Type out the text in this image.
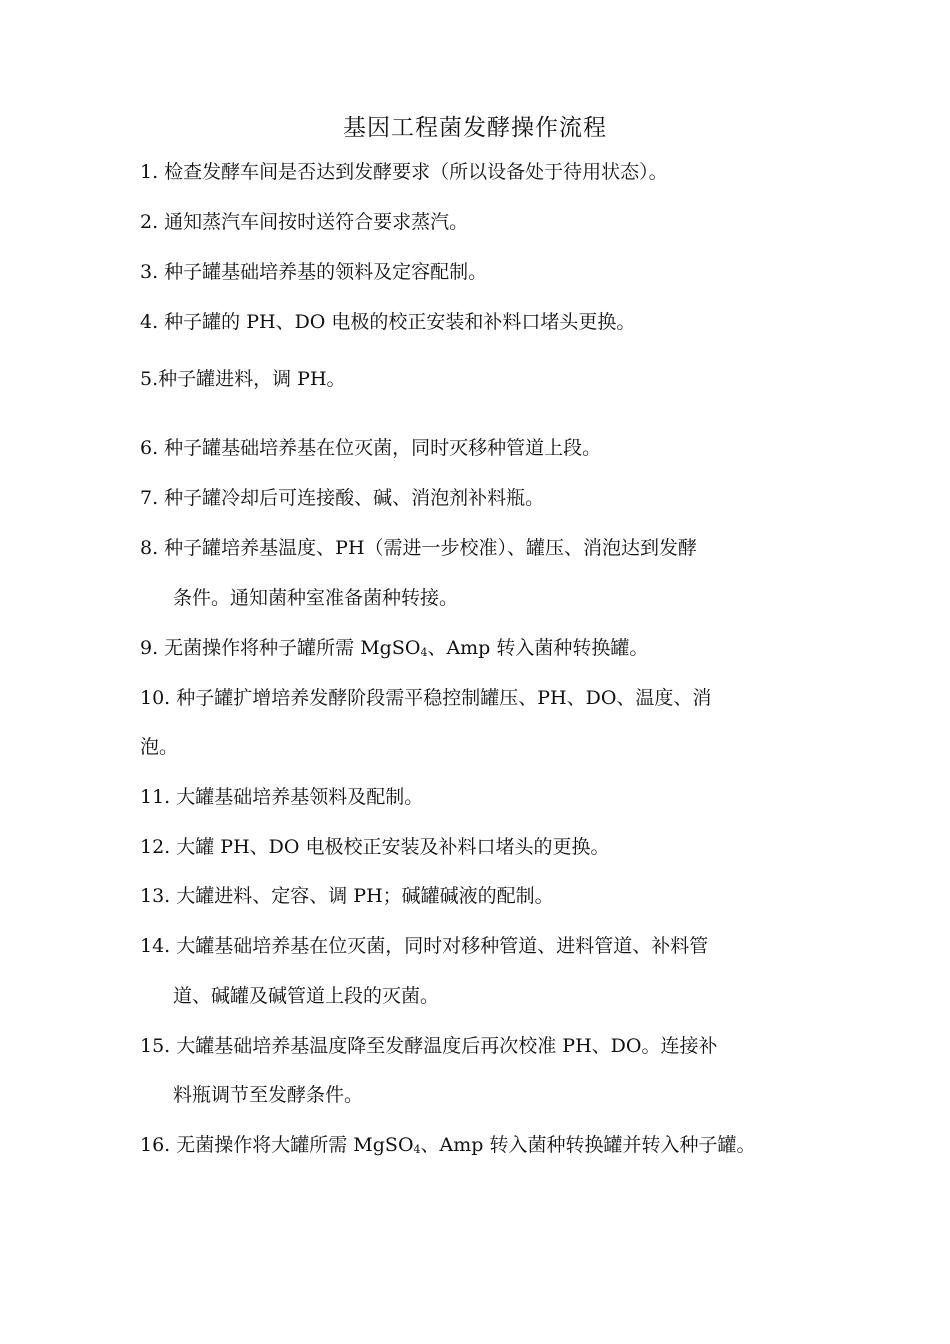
基因工程菌发酵操作流程
1. 检查发酵车间是否达到发酵要求（所以设备处于待用状态）。
2. 通知蒸汽车间按时送符合要求蒸汽。
3. 种子罐基础培养基的领料及定容配制。
4. 种子罐的 PH、DO 电极的校正安装和补料口堵头更换。
5.种子罐进料，调 PH。
6. 种子罐基础培养基在位灭菌，同时灭移种管道上段。
7. 种子罐冷却后可连接酸、碱、消泡剂补料瓶。
8. 种子罐培养基温度、PH（需进一步校准）、罐压、消泡达到发酵
条件。通知菌种室准备菌种转接。
9. 无菌操作将种子罐所需 MgSO$_4$、Amp 转入菌种转换罐。
10. 种子罐扩增培养发酵阶段需平稳控制罐压、PH、DO、温度、消
泡。
11. 大罐基础培养基领料及配制。
12. 大罐 PH、DO 电极校正安装及补料口堵头的更换。
13. 大罐进料、定容、调 PH；碱罐碱液的配制。
14. 大罐基础培养基在位灭菌，同时对移种管道、进料管道、补料管
道、碱罐及碱管道上段的灭菌。
15. 大罐基础培养基温度降至发酵温度后再次校准 PH、DO。连接补
料瓶调节至发酵条件。
16. 无菌操作将大罐所需 MgSO$_4$、Amp 转入菌种转换罐并转入种子罐。
